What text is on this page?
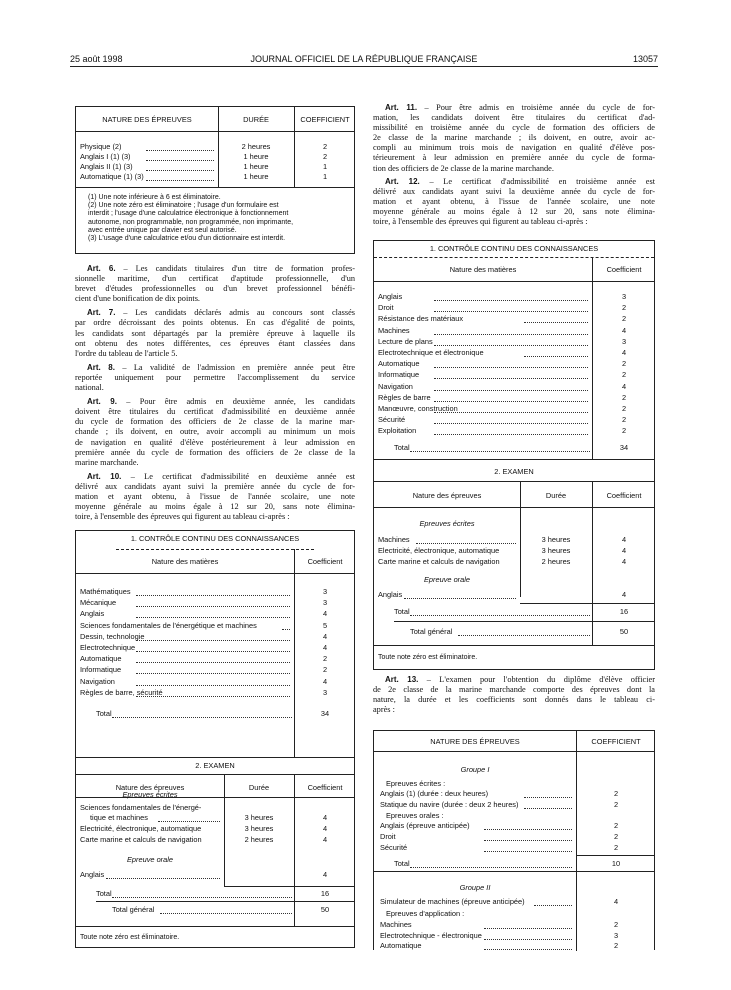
25 août 1998	JOURNAL OFFICIEL DE LA RÉPUBLIQUE FRANÇAISE	13057
NATURE DES ÉPREUVES	DURÉE	COEFFICIENT
Physique (2)	2 heures	2
Anglais I (1) (3)	1 heure	2
Anglais II (1) (3)	1 heure	1
Automatique (1) (3)	1 heure	1
(1) Une note inférieure à 6 est éliminatoire.
(2) Une note zéro est éliminatoire ; l'usage d'un formulaire est
interdit ; l'usage d'une calculatrice électronique à fonctionnement
autonome, non programmable, non programmée, non imprimante,
avec entrée unique par clavier est seul autorisé.
(3) L'usage d'une calculatrice et/ou d'un dictionnaire est interdit.
Art. 6. – Les candidats titulaires d'un titre de formation profes-
sionnelle maritime, d'un certificat d'aptitude professionnelle, d'un
brevet d'études professionnelles ou d'un brevet professionnel bénéfi-
cient d'une bonification de dix points.
Art. 7. – Les candidats déclarés admis au concours sont classés
par ordre décroissant des points obtenus. En cas d'égalité de points,
les candidats sont départagés par la première épreuve à laquelle ils
ont obtenu des notes différentes, ces épreuves étant classées dans
l'ordre du tableau de l'article 5.
Art. 8. – La validité de l'admission en première année peut être
reportée uniquement pour permettre l'accomplissement du service
national.
Art. 9. – Pour être admis en deuxième année, les candidats
doivent être titulaires du certificat d'admissibilité en deuxième année
du cycle de formation des officiers de 2e classe de la marine mar-
chande ; ils doivent, en outre, avoir accompli au minimum un mois
de navigation en qualité d'élève postérieurement à leur admission en
première année du cycle de formation des officiers de 2e classe de la
marine marchande.
Art. 10. – Le certificat d'admissibilité en deuxième année est
délivré aux candidats ayant suivi la première année du cycle de for-
mation et ayant obtenu, à l'issue de l'année scolaire, une note
moyenne générale au moins égale à 12 sur 20, sans note élimina-
toire, à l'ensemble des épreuves qui figurent au tableau ci-après :
1. CONTRÔLE CONTINU DES CONNAISSANCES
Nature des matières	Coefficient
Mathématiques	3
Mécanique	3
Anglais	4
Sciences fondamentales de l'énergétique et machines	5
Dessin, technologie	4
Electrotechnique	4
Automatique	2
Informatique	2
Navigation	4
Règles de barre, sécurité	3
Total	34
2. EXAMEN
Nature des épreuves	Durée	Coefficient
Epreuves écrites
Sciences fondamentales de l'énergé-
tique et machines	3 heures	4
Electricité, électronique, automatique	3 heures	4
Carte marine et calculs de navigation	2 heures	4
Epreuve orale
Anglais	4
Total	16
Total général	50
Toute note zéro est éliminatoire.
Art. 11. – Pour être admis en troisième année du cycle de for-
mation, les candidats doivent être titulaires du certificat d'ad-
missibilité en troisième année du cycle de formation des officiers de
2e classe de la marine marchande ; ils doivent, en outre, avoir ac-
compli au minimum trois mois de navigation en qualité d'élève pos-
térieurement à leur admission en première année du cycle de forma-
tion des officiers de 2e classe de la marine marchande.
Art. 12. – Le certificat d'admissibilité en troisième année est
délivré aux candidats ayant suivi la deuxième année du cycle de for-
mation et ayant obtenu, à l'issue de l'année scolaire, une note
moyenne générale au moins égale à 12 sur 20, sans note élimina-
toire, à l'ensemble des épreuves qui figurent au tableau ci-après :
1. CONTRÔLE CONTINU DES CONNAISSANCES
Nature des matières	Coefficient
Anglais	3
Droit	2
Résistance des matériaux	2
Machines	4
Lecture de plans	3
Electrotechnique et électronique	4
Automatique	2
Informatique	2
Navigation	4
Règles de barre	2
Manœuvre, construction	2
Sécurité	2
Exploitation	2
Total	34
2. EXAMEN
Nature des épreuves	Durée	Coefficient
Epreuves écrites
Machines	3 heures	4
Electricité, électronique, automatique	3 heures	4
Carte marine et calculs de navigation	2 heures	4
Epreuve orale
Anglais	4
Total	16
Total général	50
Toute note zéro est éliminatoire.
Art. 13. – L'examen pour l'obtention du diplôme d'élève officier
de 2e classe de la marine marchande comporte des épreuves dont la
nature, la durée et les coefficients sont donnés dans le tableau ci-
après :
NATURE DES ÉPREUVES	COEFFICIENT
Groupe I
Epreuves écrites :
Anglais (1) (durée : deux heures)	2
Statique du navire (durée : deux 2 heures)	2
Epreuves orales :
Anglais (épreuve anticipée)	2
Droit	2
Sécurité	2
Total	10
Groupe II
Simulateur de machines (épreuve anticipée)	4
Epreuves d'application :
Machines	2
Electrotechnique - électronique	3
Automatique	2
